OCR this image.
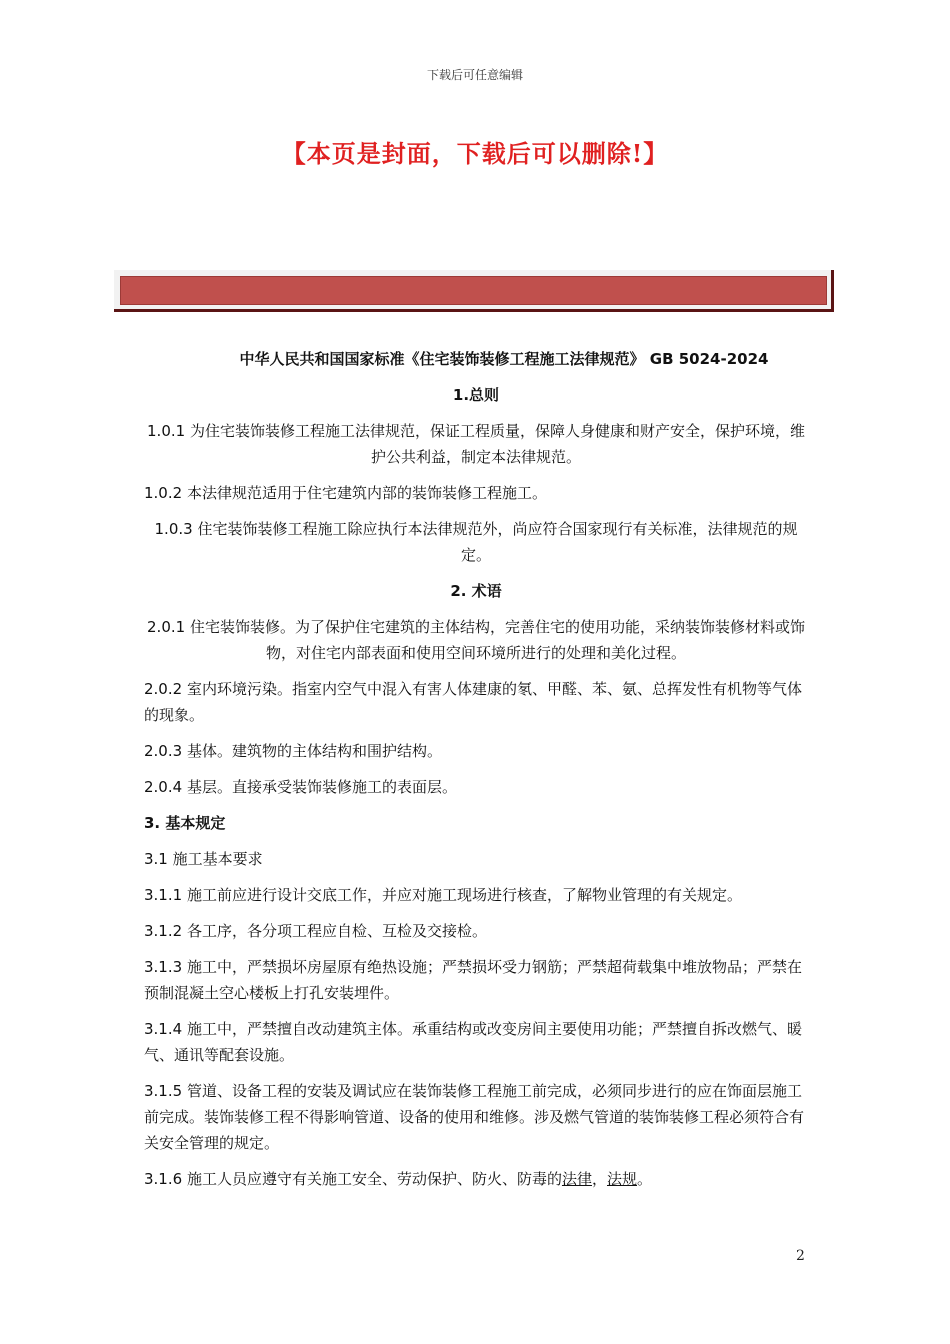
下载后可任意编辑
【本页是封面，下载后可以删除!】

中华人民共和国国家标准《住宅装饰装修工程施工法律规范》 GB 5024-2024

1.总则

1.0.1 为住宅装饰装修工程施工法律规范，保证工程质量，保障人身健康和财产安全，保护环境，维护公共利益，制定本法律规范。

1.0.2 本法律规范适用于住宅建筑内部的装饰装修工程施工。

1.0.3 住宅装饰装修工程施工除应执行本法律规范外，尚应符合国家现行有关标准，法律规范的规定。

2. 术语

2.0.1 住宅装饰装修。为了保护住宅建筑的主体结构，完善住宅的使用功能，采纳装饰装修材料或饰物，对住宅内部表面和使用空间环境所进行的处理和美化过程。

2.0.2 室内环境污染。指室内空气中混入有害人体建康的氡、甲醛、苯、氨、总挥发性有机物等气体的现象。

2.0.3 基体。建筑物的主体结构和围护结构。

2.0.4 基层。直接承受装饰装修施工的表面层。

3. 基本规定

3.1 施工基本要求

3.1.1 施工前应进行设计交底工作，并应对施工现场进行核查，了解物业管理的有关规定。

3.1.2 各工序，各分项工程应自检、互检及交接检。

3.1.3 施工中，严禁损坏房屋原有绝热设施；严禁损坏受力钢筋；严禁超荷载集中堆放物品；严禁在预制混凝土空心楼板上打孔安装埋件。

3.1.4 施工中，严禁擅自改动建筑主体。承重结构或改变房间主要使用功能；严禁擅自拆改燃气、暖气、通讯等配套设施。

3.1.5 管道、设备工程的安装及调试应在装饰装修工程施工前完成，必须同步进行的应在饰面层施工前完成。装饰装修工程不得影响管道、设备的使用和维修。涉及燃气管道的装饰装修工程必须符合有关安全管理的规定。

3.1.6 施工人员应遵守有关施工安全、劳动保护、防火、防毒的法律，法规。

2
